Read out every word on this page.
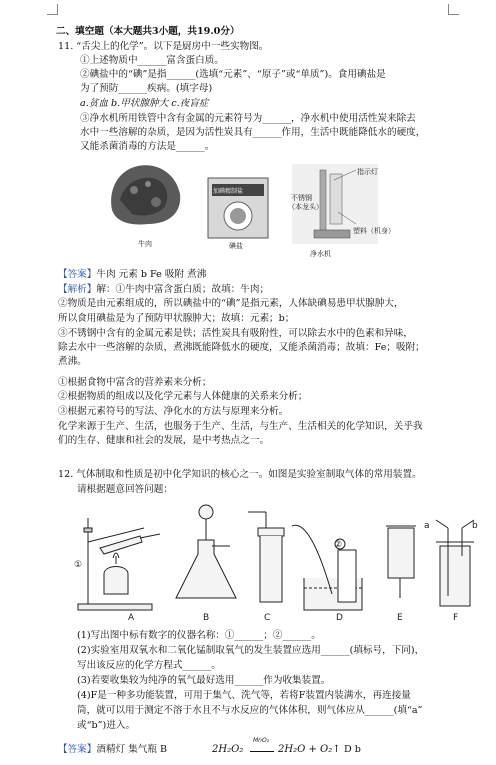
二、填空题（本大题共3小题，共19.0分）
11. “舌尖上的化学”。以下是厨房中一些实物图。
①上述物质中______富含蛋白质。
②碘盐中的“碘”是指______(选填“元素”、“原子”或“单质”)。食用碘盐是
为了预防______疾病。(填字母)
a.贫血 b.甲状腺肿大 c.夜盲症
③净水机所用铁管中含有金属的元素符号为______，净水机中使用活性炭来除去
水中一些溶解的杂质，是因为活性炭具有______作用，生活中既能降低水的硬度，
又能杀菌消毒的方法是______。
牛肉
加碘精制盐
碘盐
指示灯
不锈钢
（本龙头）
塑料（机身）
净水机
【答案】牛肉 元素 b Fe 吸附 煮沸
【解析】解：①牛肉中富含蛋白质；故填：牛肉；
②物质是由元素组成的，所以碘盐中的“碘”是指元素，人体缺碘易患甲状腺肿大，
所以食用碘盐是为了预防甲状腺肿大；故填：元素；b；
③不锈钢中含有的金属元素是铁；活性炭具有吸附性，可以除去水中的色素和异味，
除去水中一些溶解的杂质，煮沸既能降低水的硬度，又能杀菌消毒；故填：Fe；吸附；
煮沸。
①根据食物中富含的营养素来分析；
②根据物质的组成以及化学元素与人体健康的关系来分析；
③根据元素符号的写法、净化水的方法与原理来分析。
化学来源于生产、生活，也服务于生产、生活，与生产、生活相关的化学知识，关乎我
们的生存、健康和社会的发展，是中考热点之一。
12. 气体制取和性质是初中化学知识的核心之一。如图是实验室制取气体的常用装置。
请根据题意回答问题：
①
②
a	b
A	B	C	D	E	F
(1)写出图中标有数字的仪器名称：①______；②______。
(2)实验室用双氧水和二氧化锰制取氧气的发生装置应选用______(填标号，下同)，
写出该反应的化学方程式______。
(3)若要收集较为纯净的氧气最好选用______作为收集装置。
(4)F是一种多功能装置，可用于集气、洗气等，若将F装置内装满水，再连接量
筒，就可以用于测定不溶于水且不与水反应的气体体积，则气体应从______(填“a”
或“b”)进入。
【答案】酒精灯 集气瓶 B	2H₂O₂
MnO₂
2H₂O + O₂↑ D b
